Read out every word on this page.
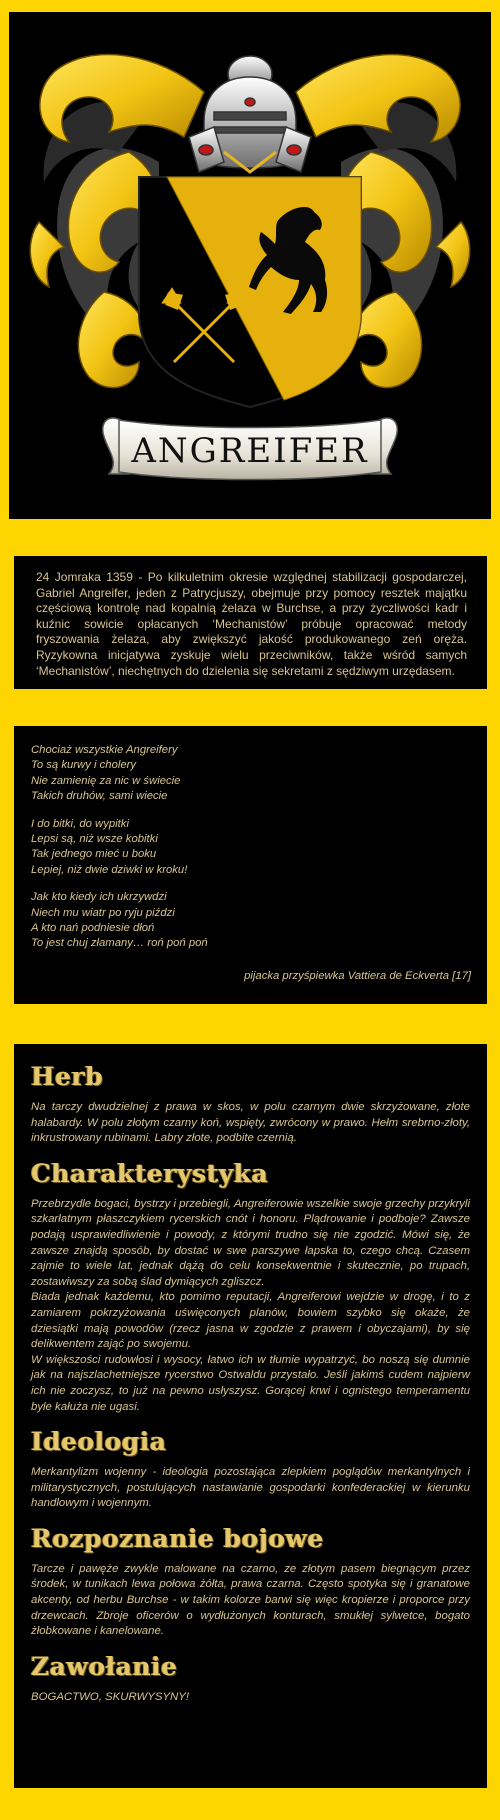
ANGREIFER
24 Jomraka 1359 - Po kilkuletnim okresie względnej stabilizacji gospodarczej, Gabriel Angreifer, jeden z Patrycjuszy, obejmuje przy pomocy resztek majątku częściową kontrolę nad kopalnią żelaza w Burchse, a przy życzliwości kadr i kuźnic sowicie opłacanych ‘Mechanistów’ próbuje opracować metody fryszowania żelaza, aby zwiększyć jakość produkowanego zeń oręża. Ryzykowna inicjatywa zyskuje wielu przeciwników, także wśród samych ‘Mechanistów’, niechętnych do dzielenia się sekretami z sędziwym urzędasem.
Chociaż wszystkie Angreifery
To są kurwy i cholery
Nie zamienię za nic w świecie
Takich druhów, sami wiecie
I do bitki, do wypitki
Lepsi są, niż wsze kobitki
Tak jednego mieć u boku
Lepiej, niż dwie dziwki w kroku!
Jak kto kiedy ich ukrzywdzi
Niech mu wiatr po ryju piździ
A kto nań podniesie dłoń
To jest chuj złamany… roń poń poń
pijacka przyśpiewka Vattiera de Eckverta [17]
Herb

Na tarczy dwudzielnej z prawa w skos, w polu czarnym dwie skrzyżowane, złote halabardy. W polu złotym czarny koń, wspięty, zwrócony w prawo. Hełm srebrno-złoty, inkrustrowany rubinami. Labry złote, podbite czernią.

Charakterystyka

Przebrzydle bogaci, bystrzy i przebiegli, Angreiferowie wszelkie swoje grzechy przykryli szkarłatnym płaszczykiem rycerskich cnót i honoru. Plądrowanie i podboje? Zawsze podają usprawiedliwienie i powody, z którymi trudno się nie zgodzić. Mówi się, że zawsze znajdą sposób, by dostać w swe parszywe łapska to, czego chcą. Czasem zajmie to wiele lat, jednak dążą do celu konsekwentnie i skutecznie, po trupach, zostawiwszy za sobą ślad dymiących zgliszcz.

Biada jednak każdemu, kto pomimo reputacji, Angreiferowi wejdzie w drogę, i to z zamiarem pokrzyżowania uświęconych planów, bowiem szybko się okaże, że dziesiątki mają powodów (rzecz jasna w zgodzie z prawem i obyczajami), by się delikwentem zająć po swojemu.

W większości rudowłosi i wysocy, łatwo ich w tłumie wypatrzyć, bo noszą się dumnie jak na najszlachetniejsze rycerstwo Ostwaldu przystało. Jeśli jakimś cudem najpierw ich nie zoczysz, to już na pewno usłyszysz. Gorącej krwi i ognistego temperamentu byle kałuża nie ugasi.

Ideologia

Merkantylizm wojenny - ideologia pozostająca zlepkiem poglądów merkantylnych i militarystycznych, postulujących nastawianie gospodarki konfederackiej w kierunku handlowym i wojennym.

Rozpoznanie bojowe

Tarcze i pawęże zwykle malowane na czarno, ze złotym pasem biegnącym przez środek, w tunikach lewa połowa żółta, prawa czarna. Często spotyka się i granatowe akcenty, od herbu Burchse - w takim kolorze barwi się więc kropierze i proporce przy drzewcach. Zbroje oficerów o wydłużonych konturach, smukłej sylwetce, bogato żłobkowane i kanelowane.

Zawołanie

BOGACTWO, SKURWYSYNY!
